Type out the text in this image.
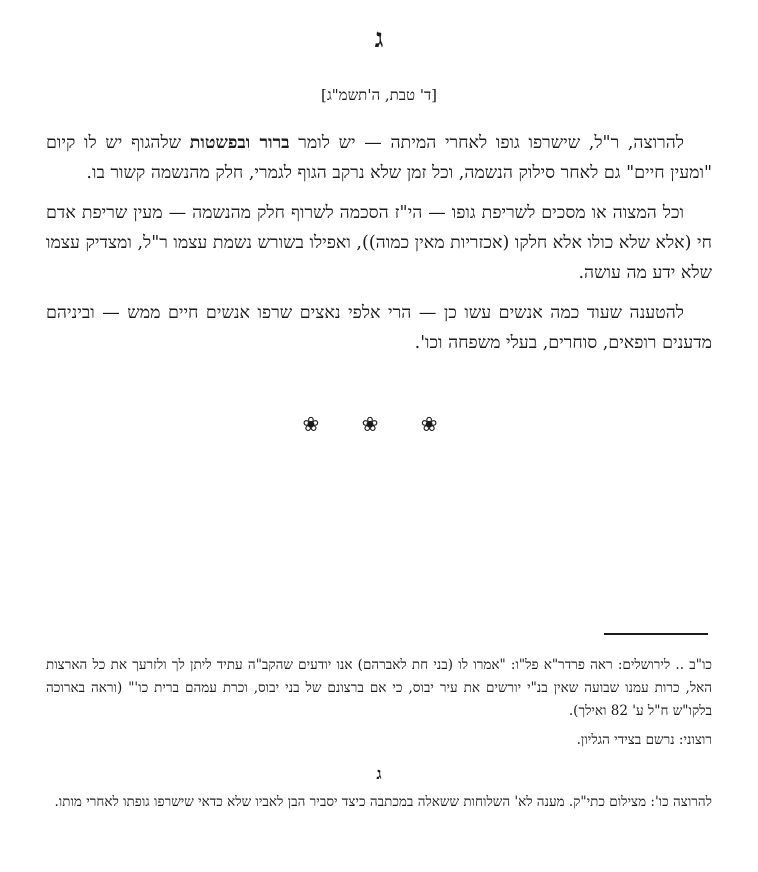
ג
[ד' טבת, ה'תשמ"ג]

להרוצה, ר"ל, שישרפו גופו לאחרי המיתה — יש לומר ברור ובפשטות שלהגוף יש לו קיום "ומעין חיים" גם לאחר סילוק הנשמה, וכל זמן שלא נרקב הגוף לגמרי, חלק מהנשמה קשור בו.

וכל המצוה או מסכים לשריפת גופו — הי"ז הסכמה לשרוף חלק מהנשמה — מעין שריפת אדם חי (אלא שלא כולו אלא חלקו (אכזריות מאין כמוה)), ואפילו בשורש נשמת עצמו ר"ל, ומצדיק עצמו שלא ידע מה עושה.

להטענה שעוד כמה אנשים עשו כן — הרי אלפי נאצים שרפו אנשים חיים ממש — וביניהם מדענים רופאים, סוחרים, בעלי משפחה וכו'.

❀ ❀ ❀

כו"ב .. לירושלים: ראה פרדר"א פל"ו: "אמרו לו (בני חת לאברהם) אנו יודעים שהקב"ה עתיד ליתן לך ולזרעך את כל הארצות האל, כרות עמנו שבועה שאין בנ"י יורשים את עיר יבוס, כי אם ברצונם של בני יבוס, וכרת עמהם ברית כו'" (וראה בארוכה בלקו"ש ח"ל ע' 82 ואילך).

רוצוני: נרשם בצידי הגליון.

ג

להרוצה כו': מצילום כתי"ק. מענה לא' השלוחות ששאלה במכתבה כיצד יסביר הבן לאביו שלא כדאי שישרפו גופתו לאחרי מותו.
